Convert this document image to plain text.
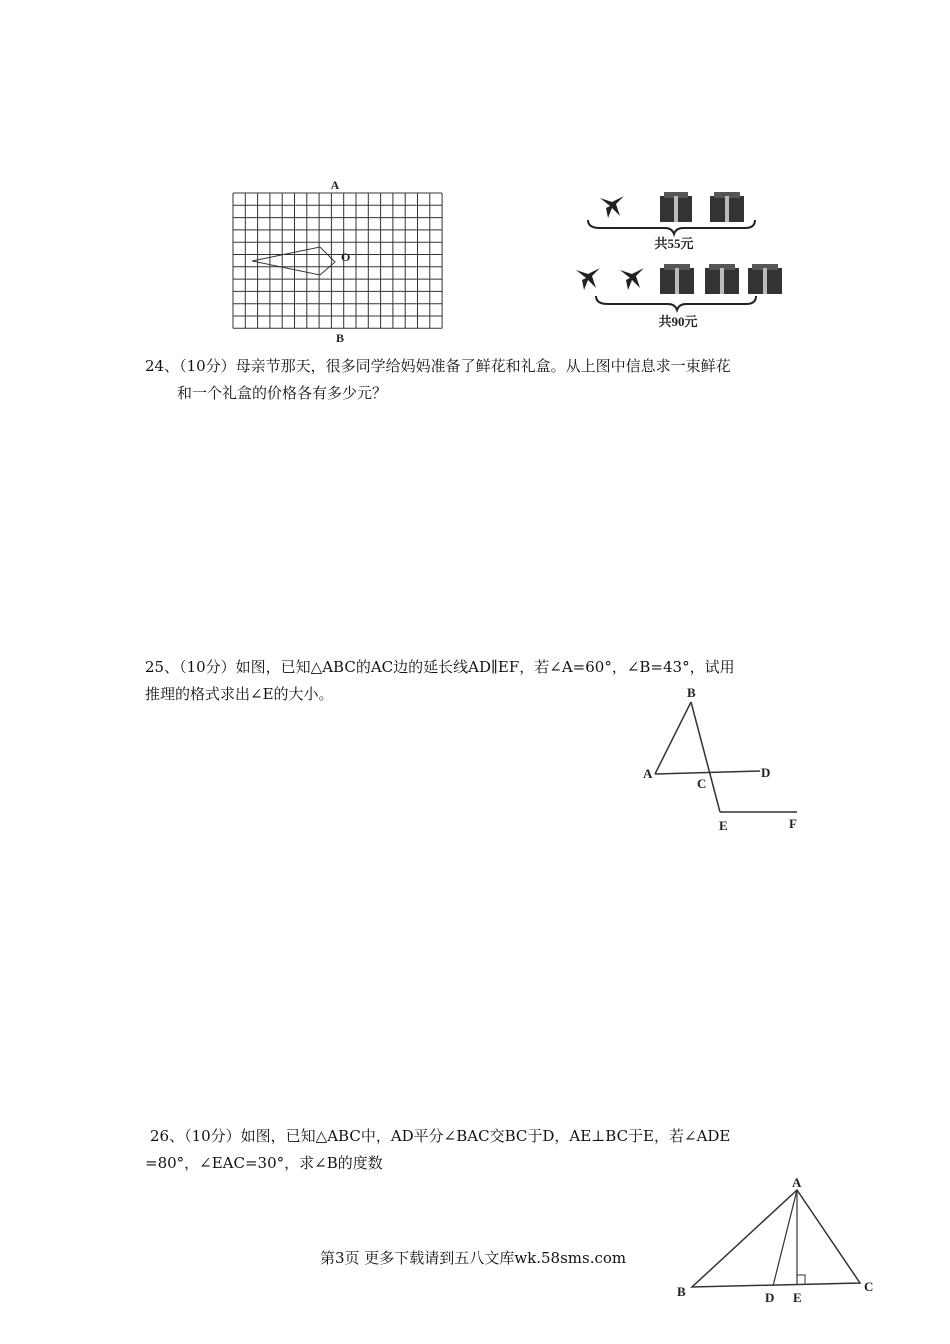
A
O
B
共55元
共90元
24、（10分）母亲节那天，很多同学给妈妈准备了鲜花和礼盒。从上图中信息求一束鲜花
和一个礼盒的价格各有多少元？
25、（10分）如图，已知△ABC的AC边的延长线AD∥EF，若∠A=60°，∠B=43°，试用
推理的格式求出∠E的大小。	B
A
C
D
E	F
26、（10分）如图，已知△ABC中，AD平分∠BAC交BC于D，AE⊥BC于E，若∠ADE
=80°，∠EAC=30°，求∠B的度数
A
B	C
D E
第3页 更多下载请到五八文库wk.58sms.com
